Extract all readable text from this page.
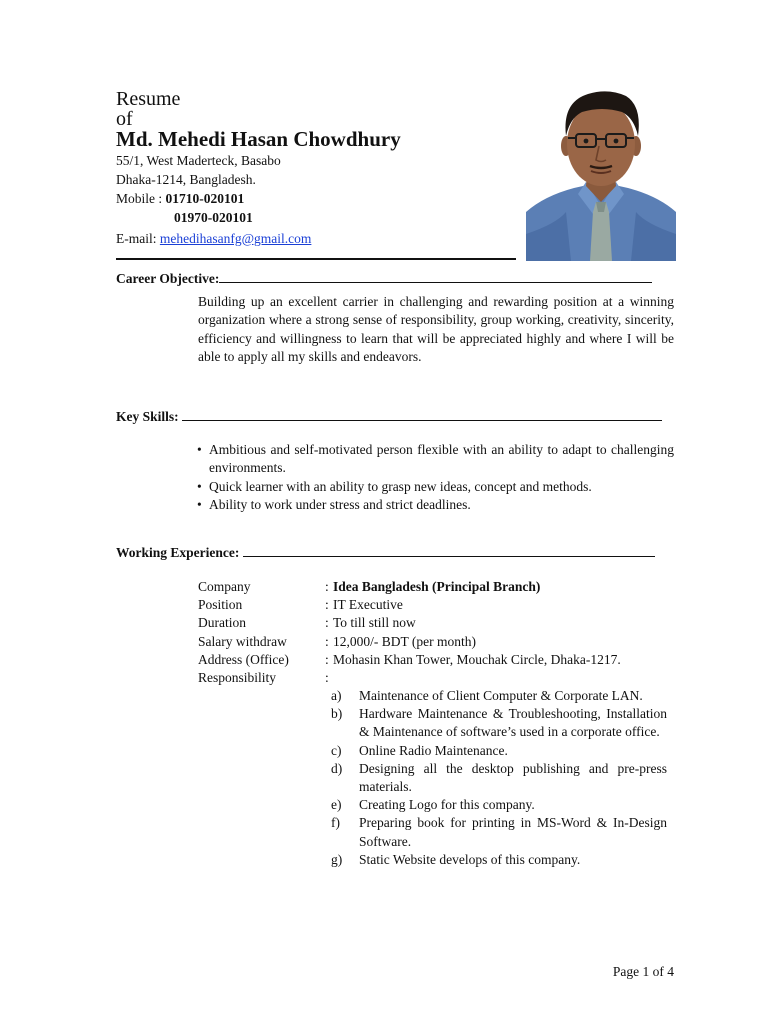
Resume
of
Md. Mehedi Hasan Chowdhury
55/1, West Maderteck, Basabo
Dhaka-1214, Bangladesh.
Mobile : 01710-020101
01970-020101
E-mail: mehedihasanfg@gmail.com
Career Objective:
Building up an excellent carrier in challenging and rewarding position at a winning organization where a strong sense of responsibility, group working, creativity, sincerity, efficiency and willingness to learn that will be appreciated highly and where I will be able to apply all my skills and endeavors.
Key Skills:
• Ambitious and self-motivated person flexible with an ability to adapt to challenging environments.
• Quick learner with an ability to grasp new ideas, concept and methods.
• Ability to work under stress and strict deadlines.
Working Experience:
Company	: Idea Bangladesh (Principal Branch)
Position	: IT Executive
Duration	: To till still now
Salary withdraw	: 12,000/- BDT (per month)
Address (Office)	: Mohasin Khan Tower, Mouchak Circle, Dhaka-1217.
Responsibility	:
a) Maintenance of Client Computer & Corporate LAN.
b) Hardware Maintenance & Troubleshooting, Installation & Maintenance of software’s used in a corporate office.
c) Online Radio Maintenance.
d) Designing all the desktop publishing and pre-press materials.
e) Creating Logo for this company.
f) Preparing book for printing in MS-Word & In-Design Software.
g) Static Website develops of this company.
Page 1 of 4
